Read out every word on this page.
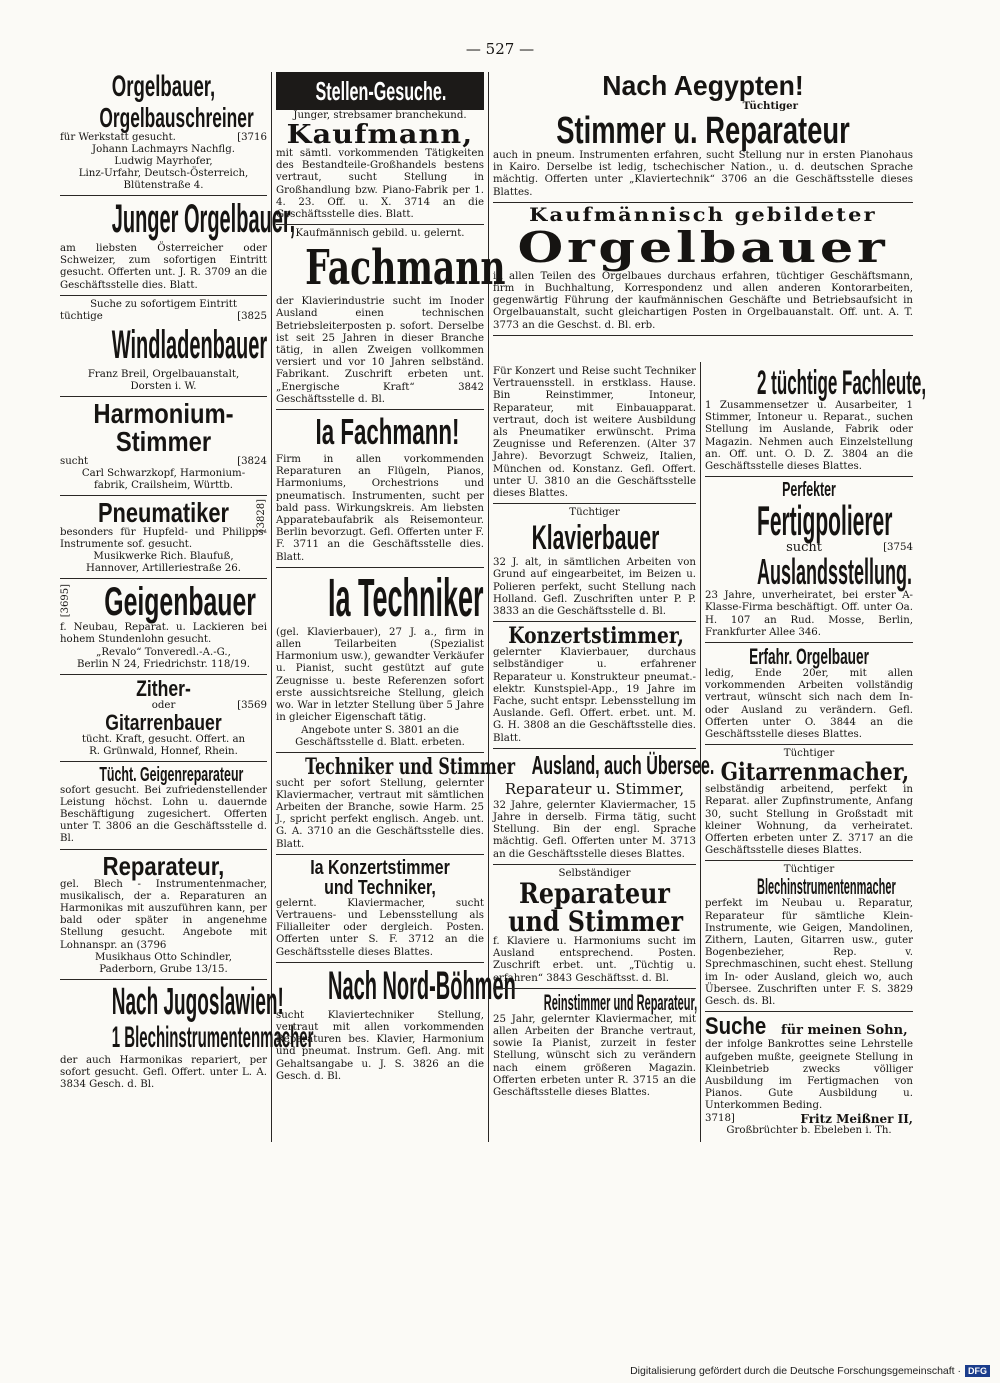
— 527 —
Orgelbauer,
Orgelbauschreiner
für Werkstatt gesucht.	[3716
Johann Lachmayrs Nachflg.
Ludwig Mayrhofer,
Linz-Urfahr, Deutsch-Österreich,
Blütenstraße 4.
Junger Orgelbauer,

am liebsten Österreicher oder Schweizer, zum sofortigen Eintritt gesucht. Offerten unt. J. R. 3709 an die Geschäftsstelle dies. Blatt.

Suche zu sofortigem Eintritt
tüchtige	[3825
Windladenbauer
Franz Breil, Orgelbauanstalt,
Dorsten i. W.
Harmonium-
Stimmer
sucht	[3824
Carl Schwarzkopf, Harmonium-
fabrik, Crailsheim, Württb.
Pneumatiker	[3828]

besonders für Hupfeld- und Philipps-Instrumente sof. gesucht.

Musikwerke Rich. Blaufuß,
Hannover, Artilleriestraße 26.
[3695] Geigenbauer

f. Neubau, Reparat. u. Lackieren bei hohem Stundenlohn gesucht.

„Revalo“ Tonveredl.-A.-G.,
Berlin N 24, Friedrichstr. 118/19.
Zither-
oder	[3569
Gitarrenbauer
tücht. Kraft, gesucht. Offert. an
R. Grünwald, Honnef, Rhein.
Tücht. Geigenreparateur

sofort gesucht. Bei zufriedenstellender Leistung höchst. Lohn u. dauernde Beschäftigung zugesichert. Offerten unter T. 3806 an die Geschäftsstelle d. Bl.

Reparateur,

gel. Blech - Instrumentenmacher, musikalisch, der a. Reparaturen an Harmonikas mit auszuführen kann, per bald oder später in angenehme Stellung gesucht. Angebote mit Lohnanspr. an (3796

Musikhaus Otto Schindler,
Paderborn, Grube 13/15.
Nach Jugoslawien!
1 Blechinstrumentenmacher

der auch Harmonikas repariert, per sofort gesucht. Gefl. Offert. unter L. A. 3834 Gesch. d. Bl.

Stellen-Gesuche.
Junger, strebsamer branchekund.
Kaufmann,

mit sämtl. vorkommenden Tätigkeiten des Bestandteile-Großhandels bestens vertraut, sucht Stellung in Großhandlung bzw. Piano-Fabrik per 1. 4. 23. Off. u. X. 3714 an die Geschäftsstelle dies. Blatt.

Kaufmännisch gebild. u. gelernt.
Fachmann

der Klavierindustrie sucht im Inoder Ausland einen technischen Betriebsleiterposten p. sofort. Derselbe ist seit 25 Jahren in dieser Branche tätig, in allen Zweigen vollkommen versiert und vor 10 Jahren selbständ. Fabrikant. Zuschrift erbeten unt. „Energische Kraft“ 3842 Geschäftsstelle d. Bl.

Ia Fachmann!

Firm in allen vorkommenden Reparaturen an Flügeln, Pianos, Harmoniums, Orchestrions und pneumatisch. Instrumenten, sucht per bald pass. Wirkungskreis. Am liebsten Apparatebaufabrik als Reisemonteur. Berlin bevorzugt. Gefl. Offerten unter F. F. 3711 an die Geschäftsstelle dies. Blatt.

Ia Techniker

(gel. Klavierbauer), 27 J. a., firm in allen Teilarbeiten (Spezialist Harmonium usw.), gewandter Verkäufer u. Pianist, sucht gestützt auf gute Zeugnisse u. beste Referenzen sofort erste aussichtsreiche Stellung, gleich wo. War in letzter Stellung über 5 Jahre in gleicher Eigenschaft tätig.

Angebote unter S. 3801 an die
Geschäftsstelle d. Blatt. erbeten.
Techniker und Stimmer

sucht per sofort Stellung, gelernter Klaviermacher, vertraut mit sämtlichen Arbeiten der Branche, sowie Harm. 25 J., spricht perfekt englisch. Angeb. unt. G. A. 3710 an die Geschäftsstelle dies. Blatt.

Ia Konzertstimmer
und Techniker,

gelernt. Klaviermacher, sucht Vertrauens- und Lebensstellung als Filialleiter oder dergleich. Posten. Offerten unter S. F. 3712 an die Geschäftsstelle dieses Blattes.

Nach Nord-Böhmen

sucht Klaviertechniker Stellung, vertraut mit allen vorkommenden Reparaturen bes. Klavier, Harmonium und pneumat. Instrum. Gefl. Ang. mit Gehaltsangabe u. J. S. 3826 an die Gesch. d. Bl.

Nach Aegypten!
Tüchtiger
Stimmer u. Reparateur

auch in pneum. Instrumenten erfahren, sucht Stellung nur in ersten Pianohaus in Kairo. Derselbe ist ledig, tschechischer Nation., u. d. deutschen Sprache mächtig. Offerten unter „Klaviertechnik“ 3706 an die Geschäftsstelle dieses Blattes.

Kaufmännisch gebildeter
Orgelbauer

in allen Teilen des Orgelbaues durchaus erfahren, tüchtiger Geschäftsmann, firm in Buchhaltung, Korrespondenz und allen anderen Kontorarbeiten, gegenwärtig Führung der kaufmännischen Geschäfte und Betriebsaufsicht in Orgelbauanstalt, sucht gleichartigen Posten in Orgelbauanstalt. Off. unt. A. T. 3773 an die Geschst. d. Bl. erb.

Für Konzert und Reise sucht Techniker Vertrauensstell. in erstklass. Hause. Bin Reinstimmer, Intoneur, Reparateur, mit Einbauapparat. vertraut, doch ist weitere Ausbildung als Pneumatiker erwünscht. Prima Zeugnisse und Referenzen. (Alter 37 Jahre). Bevorzugt Schweiz, Italien, München od. Konstanz. Gefl. Offert. unter U. 3810 an die Geschäftsstelle dieses Blattes.

Tüchtiger
Klavierbauer

32 J. alt, in sämtlichen Arbeiten von Grund auf eingearbeitet, im Beizen u. Polieren perfekt, sucht Stellung nach Holland. Gefl. Zuschriften unter P. P. 3833 an die Geschäftsstelle d. Bl.

Konzertstimmer,

gelernter Klavierbauer, durchaus selbständiger u. erfahrener Reparateur u. Konstrukteur pneumat.-elektr. Kunstspiel-App., 19 Jahre im Fache, sucht entspr. Lebensstellung im Auslande. Gefl. Offert. erbet. unt. M. G. H. 3808 an die Geschäftsstelle dies. Blatt.

Ausland, auch Übersee.
Reparateur u. Stimmer,

32 Jahre, gelernter Klaviermacher, 15 Jahre in derselb. Firma tätig, sucht Stellung. Bin der engl. Sprache mächtig. Gefl. Offerten unter M. 3713 an die Geschäftsstelle dieses Blattes.

Selbständiger
Reparateur
und Stimmer

f. Klaviere u. Harmoniums sucht im Ausland entsprechend. Posten. Zuschrift erbet. unt. „Tüchtig u. erfahren“ 3843 Geschäftsst. d. Bl.

Reinstimmer und Reparateur,

25 Jahr, gelernter Klaviermacher, mit allen Arbeiten der Branche vertraut, sowie Ia Pianist, zurzeit in fester Stellung, wünscht sich zu verändern nach einem größeren Magazin. Offerten erbeten unter R. 3715 an die Geschäftsstelle dieses Blattes.

2 tüchtige Fachleute,

1 Zusammensetzer u. Ausarbeiter, 1 Stimmer, Intoneur u. Reparat., suchen Stellung im Auslande, Fabrik oder Magazin. Nehmen auch Einzelstellung an. Off. unt. O. D. Z. 3804 an die Geschäftsstelle dieses Blattes.

Perfekter
Fertigpolierer
sucht	[3754
Auslandsstellung.

23 Jahre, unverheiratet, bei erster A-Klasse-Firma beschäftigt. Off. unter Oa. H. 107 an Rud. Mosse, Berlin, Frankfurter Allee 346.

Erfahr. Orgelbauer

ledig, Ende 20er, mit allen vorkommenden Arbeiten vollständig vertraut, wünscht sich nach dem In- oder Ausland zu verändern. Gefl. Offerten unter O. 3844 an die Geschäftsstelle dieses Blattes.

Tüchtiger
Gitarrenmacher,

selbständig arbeitend, perfekt in Reparat. aller Zupfinstrumente, Anfang 30, sucht Stellung in Großstadt mit kleiner Wohnung, da verheiratet. Offerten erbeten unter Z. 3717 an die Geschäftsstelle dieses Blattes.

Tüchtiger
Blechinstrumentenmacher

perfekt im Neubau u. Reparatur, Reparateur für sämtliche Klein-Instrumente, wie Geigen, Mandolinen, Zithern, Lauten, Gitarren usw., guter Bogenbezieher, Rep. v. Sprechmaschinen, sucht ehest. Stellung im In- oder Ausland, gleich wo, auch Übersee. Zuschriften unter F. S. 3829 Gesch. ds. Bl.

Suche für meinen Sohn,

der infolge Bankrottes seine Lehrstelle aufgeben mußte, geeignete Stellung in Kleinbetrieb zwecks völliger Ausbildung im Fertigmachen von Pianos. Gute Ausbildung u. Unterkommen Beding.

3718]	Fritz Meißner II,
Großbrüchter b. Ebeleben i. Th.
Digitalisierung gefördert durch die Deutsche Forschungsgemeinschaft · DFG
